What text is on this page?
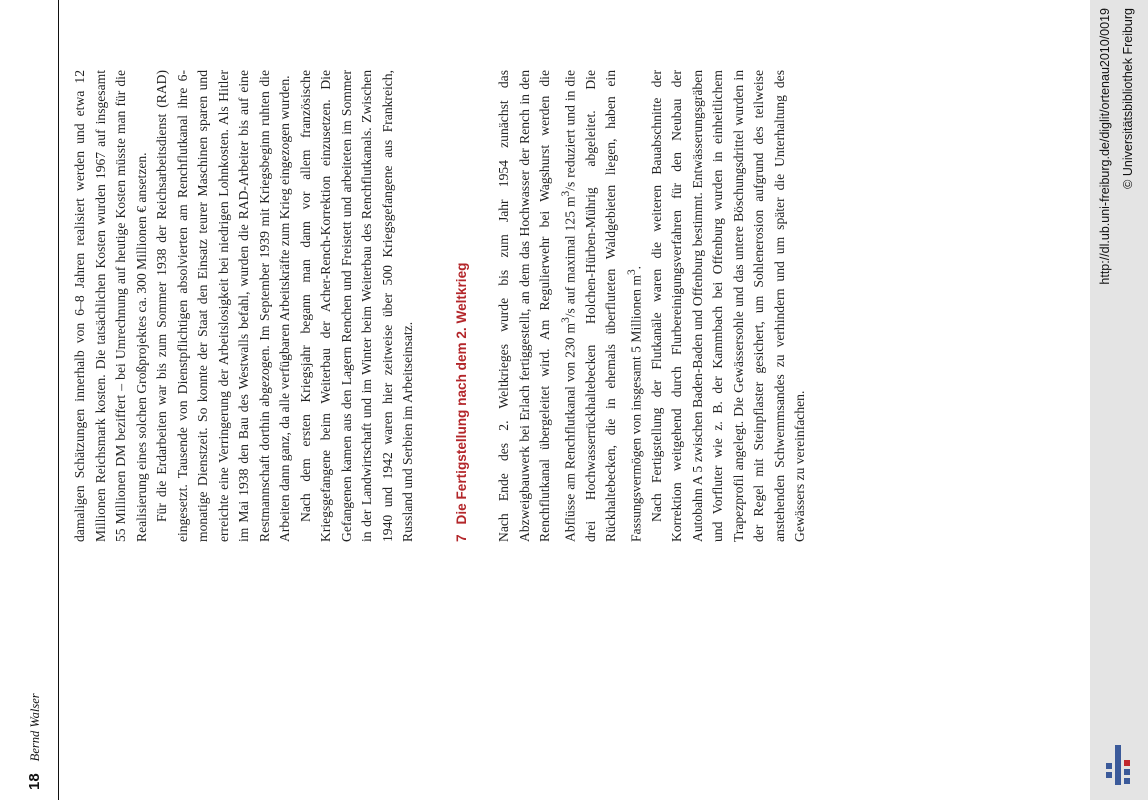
18 Bernd Walser

damaligen Schätzungen innerhalb von 6–8 Jahren realisiert werden und etwa 12 Millionen Reichsmark kosten. Die tatsächlichen Kosten wurden 1967 auf insgesamt 55 Millionen DM beziffert – bei Umrechnung auf heutige Kosten müsste man für die Realisierung eines solchen Großprojektes ca. 300 Millionen € ansetzen. Für die Erdarbeiten war bis zum Sommer 1938 der Reichsarbeitsdienst (RAD) eingesetzt. Tausende von Dienstpflichtigen absolvierten am Renchflutkanal ihre 6-monatige Dienstzeit. So konnte der Staat den Einsatz teurer Maschinen sparen und erreichte eine Verringerung der Arbeitslosigkeit bei niedrigen Lohnkosten. Als Hitler im Mai 1938 den Bau des Westwalls befahl, wurden die RAD-Arbeiter bis auf eine Restmannschaft dorthin abgezogen. Im September 1939 mit Kriegsbeginn ruhten die Arbeiten dann ganz, da alle verfügbaren Arbeitskräfte zum Krieg eingezogen wurden. Nach dem ersten Kriegsjahr begann man dann vor allem französische Kriegsgefangene beim Weiterbau der Acher-Rench-Korrektion einzusetzen. Die Gefangenen kamen aus den Lagern Renchen und Freistett und arbeiteten im Sommer in der Landwirtschaft und im Winter beim Weiterbau des Renchflutkanals. Zwischen 1940 und 1942 waren hier zeitweise über 500 Kriegsgefangene aus Frankreich, Russland und Serbien im Arbeitseinsatz.	7Die Fertigstellung nach dem 2. Weltkrieg Nach Ende des 2. Weltkrieges wurde bis zum Jahr 1954 zunächst das Abzweigbauwerk bei Erlach fertiggestellt, an dem das Hochwasser der Rench in den Renchflutkanal übergeleitet wird. Am Regulierwehr bei Wagshurst werden die Abflüsse am Renchflutkanal von 230 $m^3/s$ auf maximal 125 $m^3/s$ reduziert und in die drei Hochwasserrückhaltebecken Holchen-Hürben-Mührig abgeleitet. Die Rückhaltebecken, die in ehemals überfluteten Waldgebieten liegen, haben ein Fassungsvermögen von insgesamt 5 Millionen $m^3$. Nach Fertigstellung der Flutkanäle waren die weiteren Bauabschnitte der Korrektion weitgehend durch Flurbereinigungsverfahren für den Neubau der Autobahn A 5 zwischen Baden-Baden und Offenburg bestimmt. Entwässerungsgräben und Vorfluter wie z. B. der Kammbach bei Offenburg wurden in einheitlichem Trapezprofil angelegt. Die Gewässersohle und das untere Böschungsdrittel wurden in der Regel mit Steinpflaster gesichert, um Sohlenerosion aufgrund des teilweise anstehenden Schwemmsandes zu verhindern und um später die Unterhaltung des Gewässers zu vereinfachen.

http://dl.ub.uni-freiburg.de/diglit/ortenau2010/0019 © Universitätsbibliothek Freiburg
